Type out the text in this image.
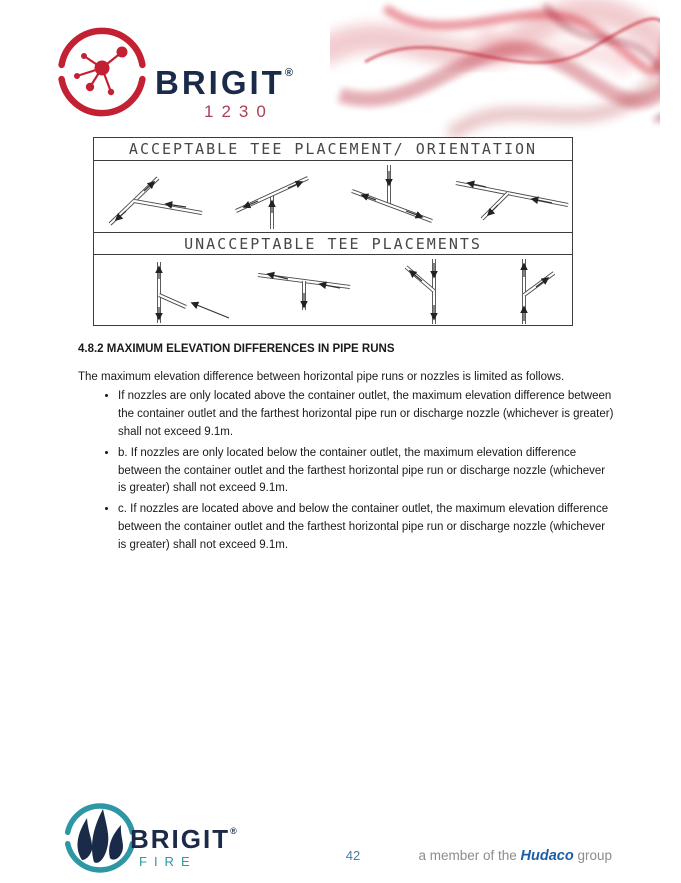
BRIGIT®
1230
ACCEPTABLE TEE PLACEMENT/ ORIENTATION
UNACCEPTABLE TEE PLACEMENTS

4.8.2 MAXIMUM ELEVATION DIFFERENCES IN PIPE RUNS

The maximum elevation difference between horizontal pipe runs or nozzles is limited as follows.

• If nozzles are only located above the container outlet, the maximum elevation difference between the container outlet and the farthest horizontal pipe run or discharge nozzle (whichever is greater) shall not exceed 9.1m.
• b. If nozzles are only located below the container outlet, the maximum elevation difference between the container outlet and the farthest horizontal pipe run or discharge nozzle (whichever is greater) shall not exceed 9.1m.
• c. If nozzles are located above and below the container outlet, the maximum elevation difference between the container outlet and the farthest horizontal pipe run or discharge nozzle (whichever is greater) shall not exceed 9.1m.
BRIGIT®
FIRE	42	a member of the Hudaco group
